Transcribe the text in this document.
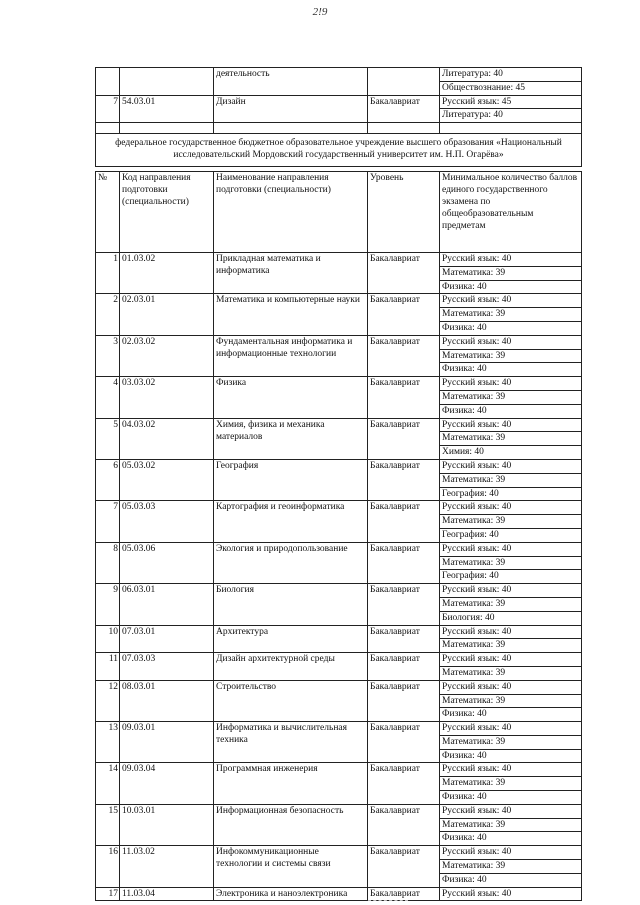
2!9
		деятельность		Литература: 40
				Обществознание: 45
7	54.03.01	Дизайн	Бакалавриат	Русский язык: 45
				Литература: 40

федеральное государственное бюджетное образовательное учреждение высшего образования «Национальный исследовательский Мордовский государственный университет им. Н.П. Огарёва»				
№	Код направления подготовки (специальности)	Наименование направления подготовки (специальности)	Уровень	Минимальное количество баллов единого государственного экзамена по общеобразовательным предметам
1	01.03.02	Прикладная математика и информатика	Бакалавриат	Русский язык: 40
				Математика: 39
				Физика: 40
2	02.03.01	Математика и компьютерные науки	Бакалавриат	Русский язык: 40
				Математика: 39
				Физика: 40
3	02.03.02	Фундаментальная информатика и информационные технологии	Бакалавриат	Русский язык: 40
				Математика: 39
				Физика: 40
4	03.03.02	Физика	Бакалавриат	Русский язык: 40
				Математика: 39
				Физика: 40
5	04.03.02	Химия, физика и механика материалов	Бакалавриат	Русский язык: 40
				Математика: 39
				Химия: 40
6	05.03.02	География	Бакалавриат	Русский язык: 40
				Математика: 39
				География: 40
7	05.03.03	Картография и геоинформатика	Бакалавриат	Русский язык: 40
				Математика: 39
				География: 40
8	05.03.06	Экология и природопользование	Бакалавриат	Русский язык: 40
				Математика: 39
				География: 40
9	06.03.01	Биология	Бакалавриат	Русский язык: 40
				Математика: 39
				Биология: 40
10	07.03.01	Архитектура	Бакалавриат	Русский язык: 40
				Математика: 39
11	07.03.03	Дизайн архитектурной среды	Бакалавриат	Русский язык: 40
				Математика: 39
12	08.03.01	Строительство	Бакалавриат	Русский язык: 40
				Математика: 39
				Физика: 40
13	09.03.01	Информатика и вычислительная техника	Бакалавриат	Русский язык: 40
				Математика: 39
				Физика: 40
14	09.03.04	Программная инженерия	Бакалавриат	Русский язык: 40
				Математика: 39
				Физика: 40
15	10.03.01	Информационная безопасность	Бакалавриат	Русский язык: 40
				Математика: 39
				Физика: 40
16	11.03.02	Инфокоммуникационные технологии и системы связи	Бакалавриат	Русский язык: 40
				Математика: 39
				Физика: 40
17	11.03.04	Электроника и наноэлектроника	Бакалавриат	Русский язык: 40
